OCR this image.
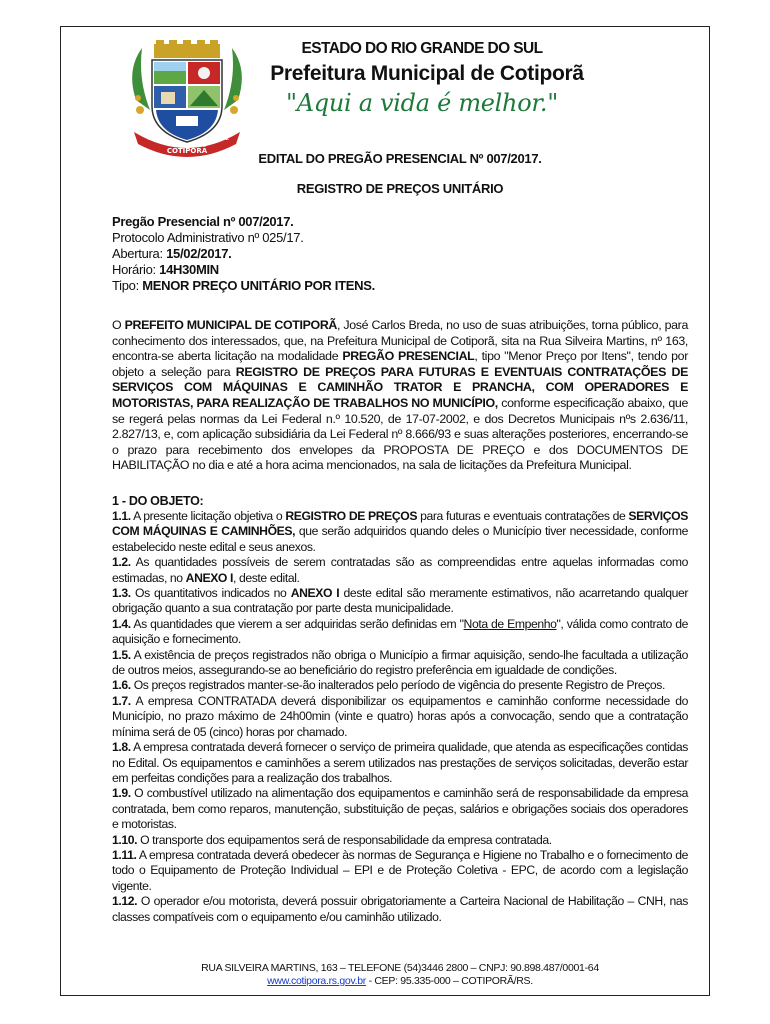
17-05	1982
COTIPORÃ
ESTADO DO RIO GRANDE DO SUL
Prefeitura Municipal de Cotiporã
"Aqui a vida é melhor."
EDITAL DO PREGÃO PRESENCIAL Nº 007/2017.
REGISTRO DE PREÇOS UNITÁRIO
Pregão Presencial nº 007/2017.
Protocolo Administrativo nº 025/17.
Abertura: 15/02/2017.
Horário: 14H30MIN
Tipo: MENOR PREÇO UNITÁRIO POR ITENS.
O PREFEITO MUNICIPAL DE COTIPORÃ, José Carlos Breda, no uso de suas atribuições, torna público, para conhecimento dos interessados, que, na Prefeitura Municipal de Cotiporã, sita na Rua Silveira Martins, nº 163, encontra-se aberta licitação na modalidade PREGÃO PRESENCIAL, tipo "Menor Preço por Itens", tendo por objeto a seleção para REGISTRO DE PREÇOS PARA FUTURAS E EVENTUAIS CONTRATAÇÕES DE SERVIÇOS COM MÁQUINAS E CAMINHÃO TRATOR E PRANCHA, COM OPERADORES E MOTORISTAS, PARA REALIZAÇÃO DE TRABALHOS NO MUNICÍPIO, conforme especificação abaixo, que se regerá pelas normas da Lei Federal n.º 10.520, de 17-07-2002, e dos Decretos Municipais nºs 2.636/11, 2.827/13, e, com aplicação subsidiária da Lei Federal nº 8.666/93 e suas alterações posteriores, encerrando-se o prazo para recebimento dos envelopes da PROPOSTA DE PREÇO e dos DOCUMENTOS DE HABILITAÇÃO no dia e até a hora acima mencionados, na sala de licitações da Prefeitura Municipal.
1 - DO OBJETO:

1.1. A presente licitação objetiva o REGISTRO DE PREÇOS para futuras e eventuais contratações de SERVIÇOS COM MÁQUINAS E CAMINHÕES, que serão adquiridos quando deles o Município tiver necessidade, conforme estabelecido neste edital e seus anexos.

1.2. As quantidades possíveis de serem contratadas são as compreendidas entre aquelas informadas como estimadas, no ANEXO I, deste edital.

1.3. Os quantitativos indicados no ANEXO I deste edital são meramente estimativos, não acarretando qualquer obrigação quanto a sua contratação por parte desta municipalidade.

1.4. As quantidades que vierem a ser adquiridas serão definidas em "Nota de Empenho", válida como contrato de aquisição e fornecimento.

1.5. A existência de preços registrados não obriga o Município a firmar aquisição, sendo-lhe facultada a utilização de outros meios, assegurando-se ao beneficiário do registro preferência em igualdade de condições.

1.6. Os preços registrados manter-se-ão inalterados pelo período de vigência do presente Registro de Preços.

1.7. A empresa CONTRATADA deverá disponibilizar os equipamentos e caminhão conforme necessidade do Município, no prazo máximo de 24h00min (vinte e quatro) horas após a convocação, sendo que a contratação mínima será de 05 (cinco) horas por chamado.

1.8. A empresa contratada deverá fornecer o serviço de primeira qualidade, que atenda as especificações contidas no Edital. Os equipamentos e caminhões a serem utilizados nas prestações de serviços solicitadas, deverão estar em perfeitas condições para a realização dos trabalhos.

1.9. O combustível utilizado na alimentação dos equipamentos e caminhão será de responsabilidade da empresa contratada, bem como reparos, manutenção, substituição de peças, salários e obrigações sociais dos operadores e motoristas.

1.10. O transporte dos equipamentos será de responsabilidade da empresa contratada.

1.11. A empresa contratada deverá obedecer às normas de Segurança e Higiene no Trabalho e o fornecimento de todo o Equipamento de Proteção Individual – EPI e de Proteção Coletiva - EPC, de acordo com a legislação vigente.

1.12. O operador e/ou motorista, deverá possuir obrigatoriamente a Carteira Nacional de Habilitação – CNH, nas classes compatíveis com o equipamento e/ou caminhão utilizado.

RUA SILVEIRA MARTINS, 163 – TELEFONE (54)3446 2800 – CNPJ: 90.898.487/0001-64
www.cotipora.rs.gov.br - CEP: 95.335-000 – COTIPORÃ/RS.
